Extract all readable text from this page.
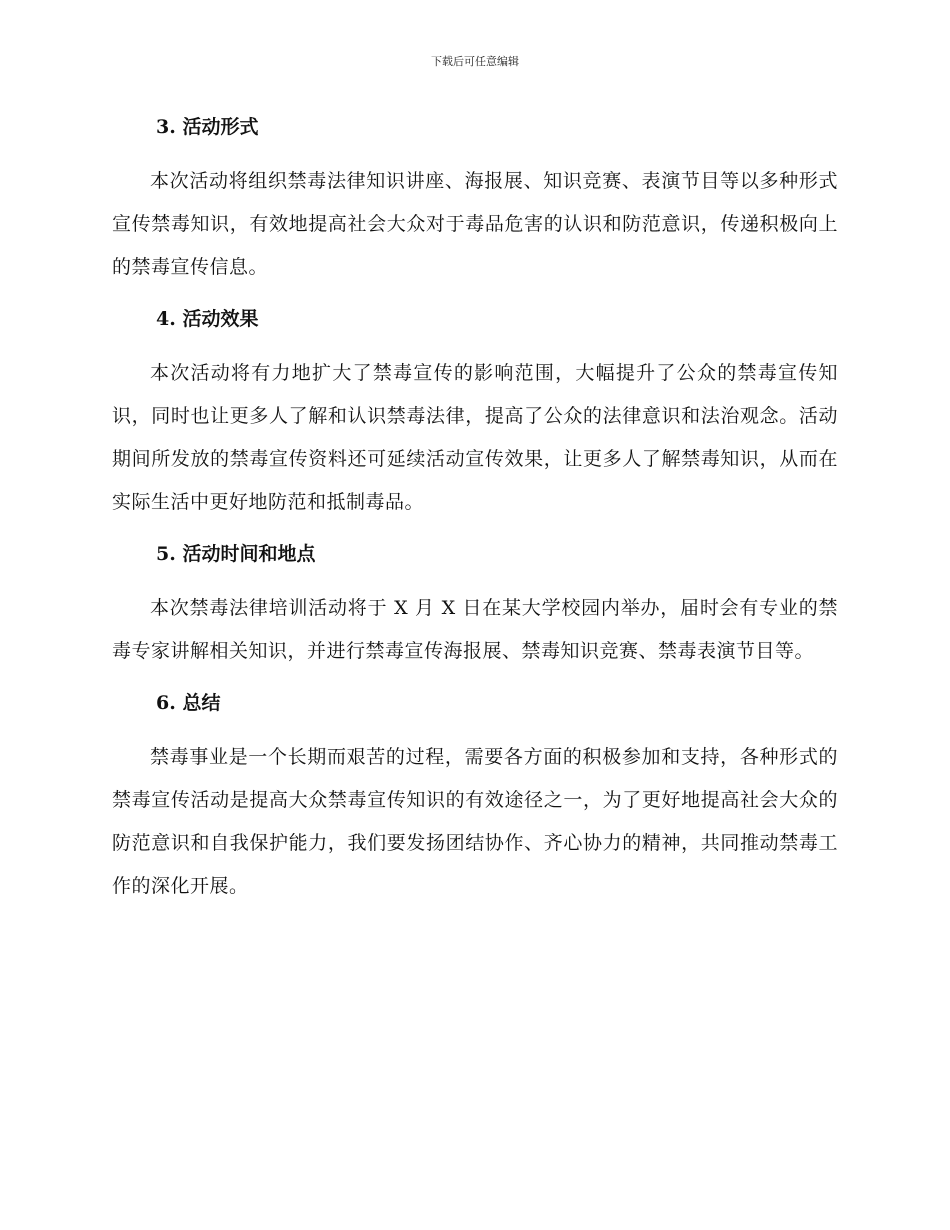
下载后可任意编辑
3. 活动形式

本次活动将组织禁毒法律知识讲座、海报展、知识竞赛、表演节目等以多种形式宣传禁毒知识，有效地提高社会大众对于毒品危害的认识和防范意识，传递积极向上的禁毒宣传信息。

4. 活动效果

本次活动将有力地扩大了禁毒宣传的影响范围，大幅提升了公众的禁毒宣传知识，同时也让更多人了解和认识禁毒法律，提高了公众的法律意识和法治观念。活动期间所发放的禁毒宣传资料还可延续活动宣传效果，让更多人了解禁毒知识，从而在实际生活中更好地防范和抵制毒品。

5. 活动时间和地点

本次禁毒法律培训活动将于 X 月 X 日在某大学校园内举办，届时会有专业的禁毒专家讲解相关知识，并进行禁毒宣传海报展、禁毒知识竞赛、禁毒表演节目等。

6. 总结

禁毒事业是一个长期而艰苦的过程，需要各方面的积极参加和支持，各种形式的禁毒宣传活动是提高大众禁毒宣传知识的有效途径之一，为了更好地提高社会大众的防范意识和自我保护能力，我们要发扬团结协作、齐心协力的精神，共同推动禁毒工作的深化开展。
